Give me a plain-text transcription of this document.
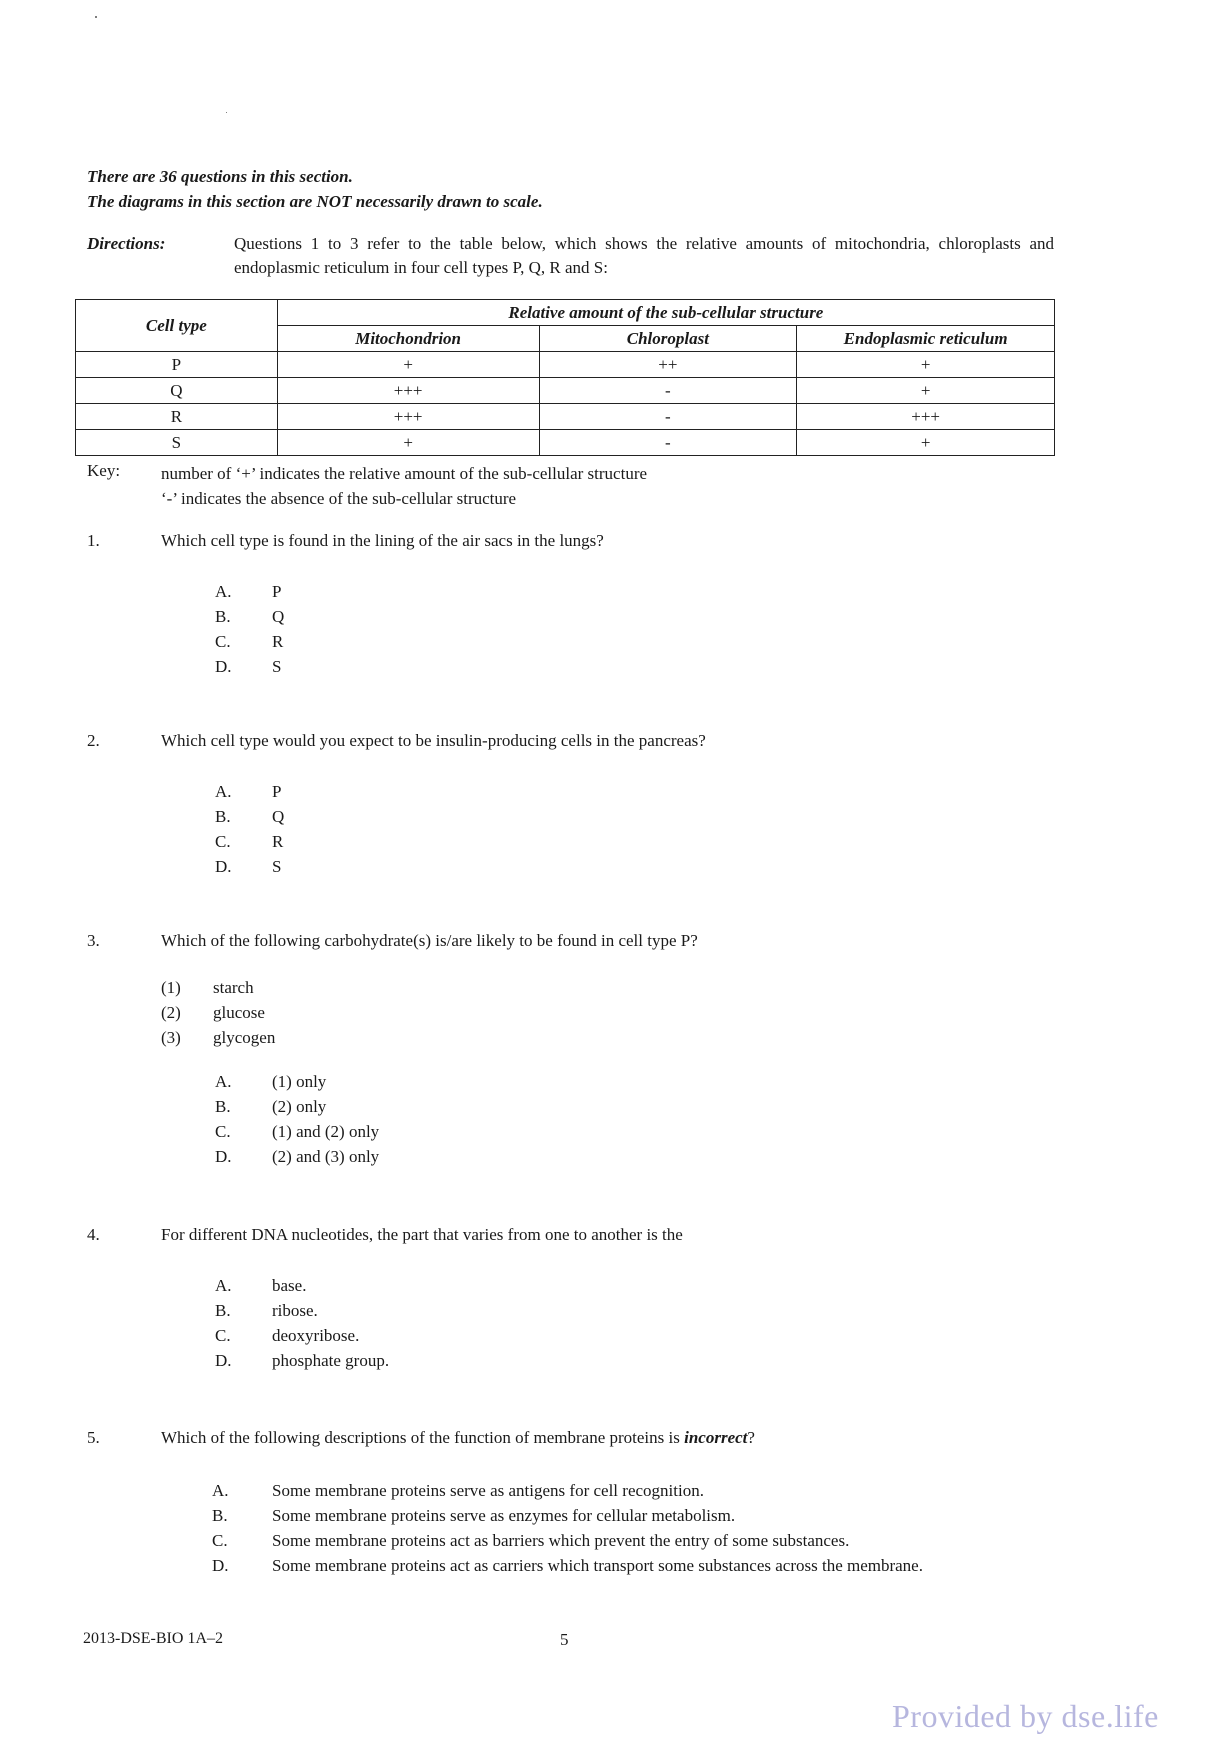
There are 36 questions in this section.
The diagrams in this section are NOT necessarily drawn to scale.
Directions:	Questions 1 to 3 refer to the table below, which shows the relative amounts of mitochondria, chloroplasts and endoplasmic reticulum in four cell types P, Q, R and S:
Cell type	Relative amount of the sub-cellular structure		
	Mitochondrion	Chloroplast	Endoplasmic reticulum
P	+	++	+
Q	+++	-	+
R	+++	-	+++
S	+	-	+
Key: number of ‘+’ indicates the relative amount of the sub-cellular structure
‘-’ indicates the absence of the sub-cellular structure
1.	Which cell type is found in the lining of the air sacs in the lungs?
A.	P
B.	Q
C.	R
D.	S
2.	Which cell type would you expect to be insulin-producing cells in the pancreas?
A.	P
B.	Q
C.	R
D.	S
3.	Which of the following carbohydrate(s) is/are likely to be found in cell type P?
(1)	starch
(2)	glucose
(3)	glycogen
A.	(1) only
B.	(2) only
C.	(1) and (2) only
D.	(2) and (3) only
4.	For different DNA nucleotides, the part that varies from one to another is the
A.	base.
B.	ribose.
C.	deoxyribose.
D.	phosphate group.
5.	Which of the following descriptions of the function of membrane proteins is incorrect?
A.	Some membrane proteins serve as antigens for cell recognition.
B.	Some membrane proteins serve as enzymes for cellular metabolism.
C.	Some membrane proteins act as barriers which prevent the entry of some substances.
D.	Some membrane proteins act as carriers which transport some substances across the membrane.
2013-DSE-BIO 1A–2	5
Provided by dse.life
